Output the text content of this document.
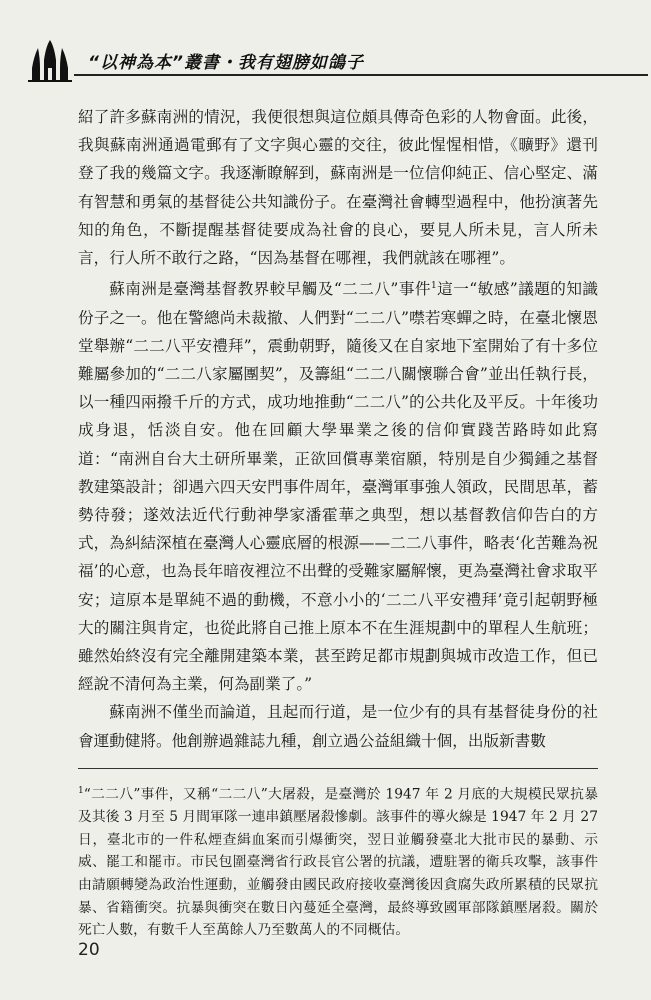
“以神為本”叢書・我有翅膀如鴿子

紹了許多蘇南洲的情況，我便很想與這位頗具傳奇色彩的人物會面。此後，我與蘇南洲通過電郵有了文字與心靈的交往，彼此惺惺相惜，《曠野》還刊登了我的幾篇文字。我逐漸瞭解到，蘇南洲是一位信仰純正、信心堅定、滿有智慧和勇氣的基督徒公共知識份子。在臺灣社會轉型過程中，他扮演著先知的角色，不斷提醒基督徒要成為社會的良心，要見人所未見，言人所未言，行人所不敢行之路，“因為基督在哪裡，我們就該在哪裡”。

蘇南洲是臺灣基督教界較早觸及“二二八”事件$^1$這一“敏感”議題的知識份子之一。他在警總尚未裁撤、人們對“二二八”噤若寒蟬之時，在臺北懷恩堂舉辦“二二八平安禮拜”，震動朝野，隨後又在自家地下室開始了有十多位難屬參加的“二二八家屬團契”，及籌組“二二八關懷聯合會”並出任執行長，以一種四兩撥千斤的方式，成功地推動“二二八”的公共化及平反。十年後功成身退，恬淡自安。他在回顧大學畢業之後的信仰實踐苦路時如此寫道：“南洲自台大土研所畢業，正欲回償專業宿願，特別是自少獨鍾之基督教建築設計；卻遇六四天安門事件周年，臺灣軍事強人領政，民間思革，蓄勢待發；遂效法近代行動神學家潘霍華之典型，想以基督教信仰告白的方式，為糾結深植在臺灣人心靈底層的根源——二二八事件，略表‘化苦難為祝福’的心意，也為長年暗夜裡泣不出聲的受難家屬解懷，更為臺灣社會求取平安；這原本是單純不過的動機，不意小小的‘二二八平安禮拜’竟引起朝野極大的關注與肯定，也從此將自己推上原本不在生涯規劃中的單程人生航班；雖然始終沒有完全離開建築本業，甚至跨足都市規劃與城市改造工作，但已經說不清何為主業，何為副業了。”

蘇南洲不僅坐而論道，且起而行道，是一位少有的具有基督徒身份的社會運動健將。他創辦過雜誌九種，創立過公益組織十個，出版新書數

$^1$“二二八”事件，又稱“二二八”大屠殺，是臺灣於 1947 年 2 月底的大規模民眾抗暴及其後 3 月至 5 月間軍隊一連串鎮壓屠殺慘劇。該事件的導火線是 1947 年 2 月 27 日，臺北市的一件私煙查緝血案而引爆衝突，翌日並觸發臺北大批市民的暴動、示威、罷工和罷市。市民包圍臺灣省行政長官公署的抗議，遭駐署的衛兵攻擊，該事件由請願轉變為政治性運動，並觸發由國民政府接收臺灣後因貪腐失政所累積的民眾抗暴、省籍衝突。抗暴與衝突在數日內蔓延全臺灣，最終導致國軍部隊鎮壓屠殺。關於死亡人數，有數千人至萬餘人乃至數萬人的不同概估。
20
